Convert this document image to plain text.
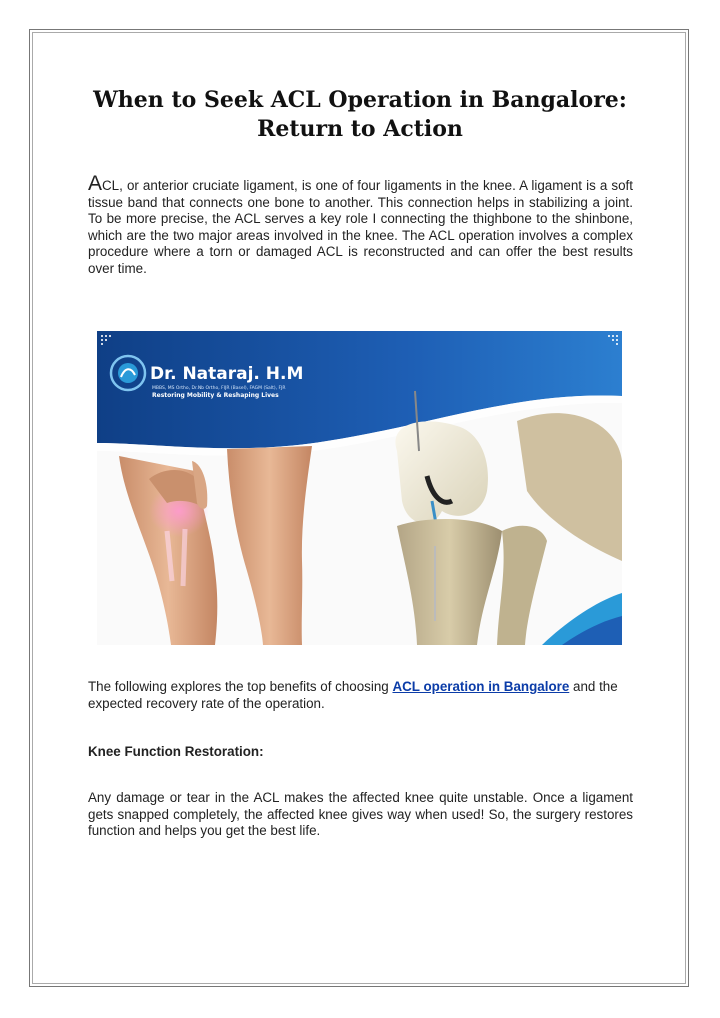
When to Seek ACL Operation in Bangalore: Return to Action

ACL, or anterior cruciate ligament, is one of four ligaments in the knee. A ligament is a soft tissue band that connects one bone to another. This connection helps in stabilizing a joint. To be more precise, the ACL serves a key role I connecting the thighbone to the shinbone, which are the two major areas involved in the knee. The ACL operation involves a complex procedure where a torn or damaged ACL is reconstructed and can offer the best results over time.

Dr. Nataraj. H.M
MBBS, MS Ortho, Dr.Nb Ortho, FIJR (Basel), FAGM (Salt), FJR
Restoring Mobility & Reshaping Lives

The following explores the top benefits of choosing ACL operation in Bangalore and the expected recovery rate of the operation.

Knee Function Restoration:

Any damage or tear in the ACL makes the affected knee quite unstable. Once a ligament gets snapped completely, the affected knee gives way when used! So, the surgery restores function and helps you get the best life.
